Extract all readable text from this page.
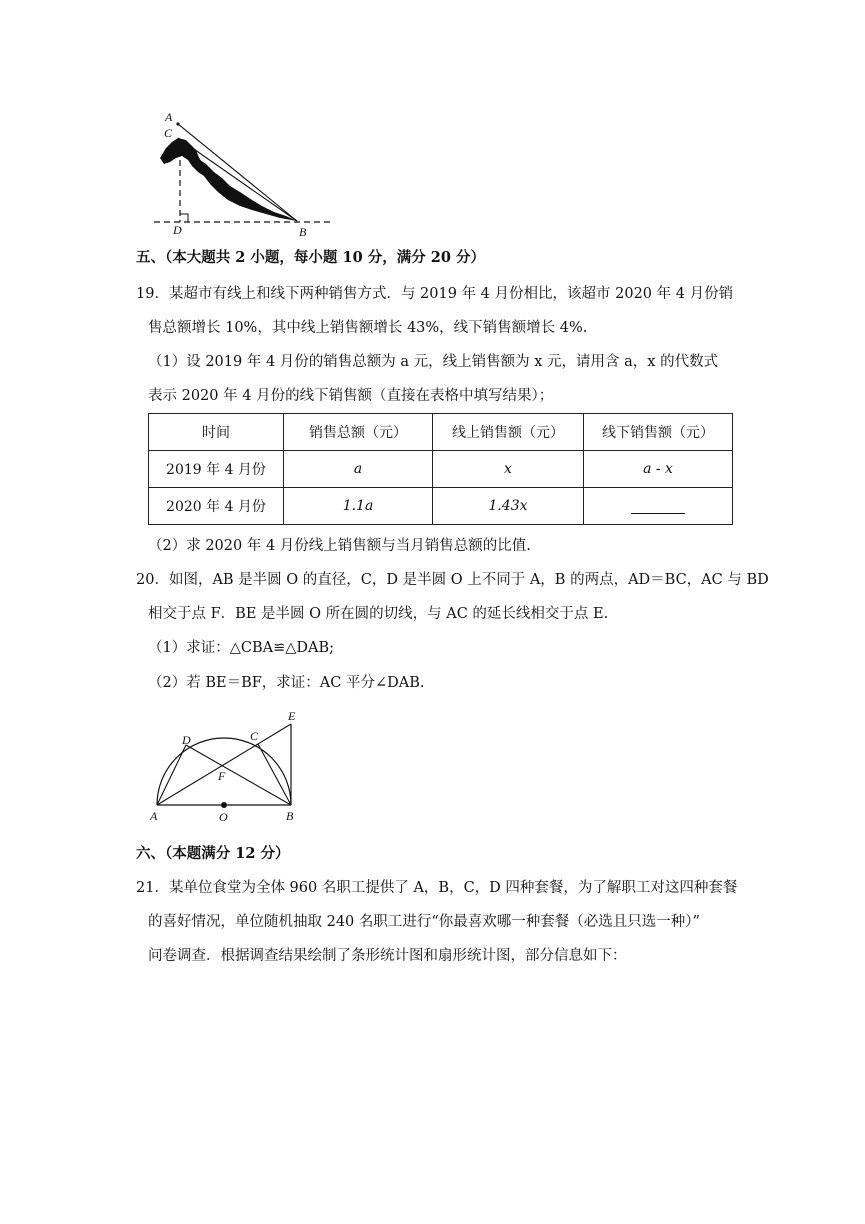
A
C
D	B
五、（本大题共 2 小题，每小题 10 分，满分 20 分）
19．某超市有线上和线下两种销售方式．与 2019 年 4 月份相比，该超市 2020 年 4 月份销
售总额增长 10%，其中线上销售额增长 43%，线下销售额增长 4%.
（1）设 2019 年 4 月份的销售总额为 a 元，线上销售额为 x 元，请用含 a，x 的代数式
表示 2020 年 4 月份的线下销售额（直接在表格中填写结果）；
时间	销售总额（元）	线上销售额（元）	线下销售额（元）
2019 年 4 月份	a	x	a - x
2020 年 4 月份	1.1a	1.43x	
（2）求 2020 年 4 月份线上销售额与当月销售总额的比值.
20．如图，AB 是半圆 O 的直径，C，D 是半圆 O 上不同于 A，B 的两点，AD＝BC，AC 与 BD
相交于点 F．BE 是半圆 O 所在圆的切线，与 AC 的延长线相交于点 E.
（1）求证：△CBA≌△DAB;
（2）若 BE＝BF，求证：AC 平分∠DAB.
E
D	C
F
A	O	B
六、（本题满分 12 分）
21．某单位食堂为全体 960 名职工提供了 A，B，C，D 四种套餐，为了解职工对这四种套餐
的喜好情况，单位随机抽取 240 名职工进行“你最喜欢哪一种套餐（必选且只选一种）”
问卷调查．根据调查结果绘制了条形统计图和扇形统计图，部分信息如下：
